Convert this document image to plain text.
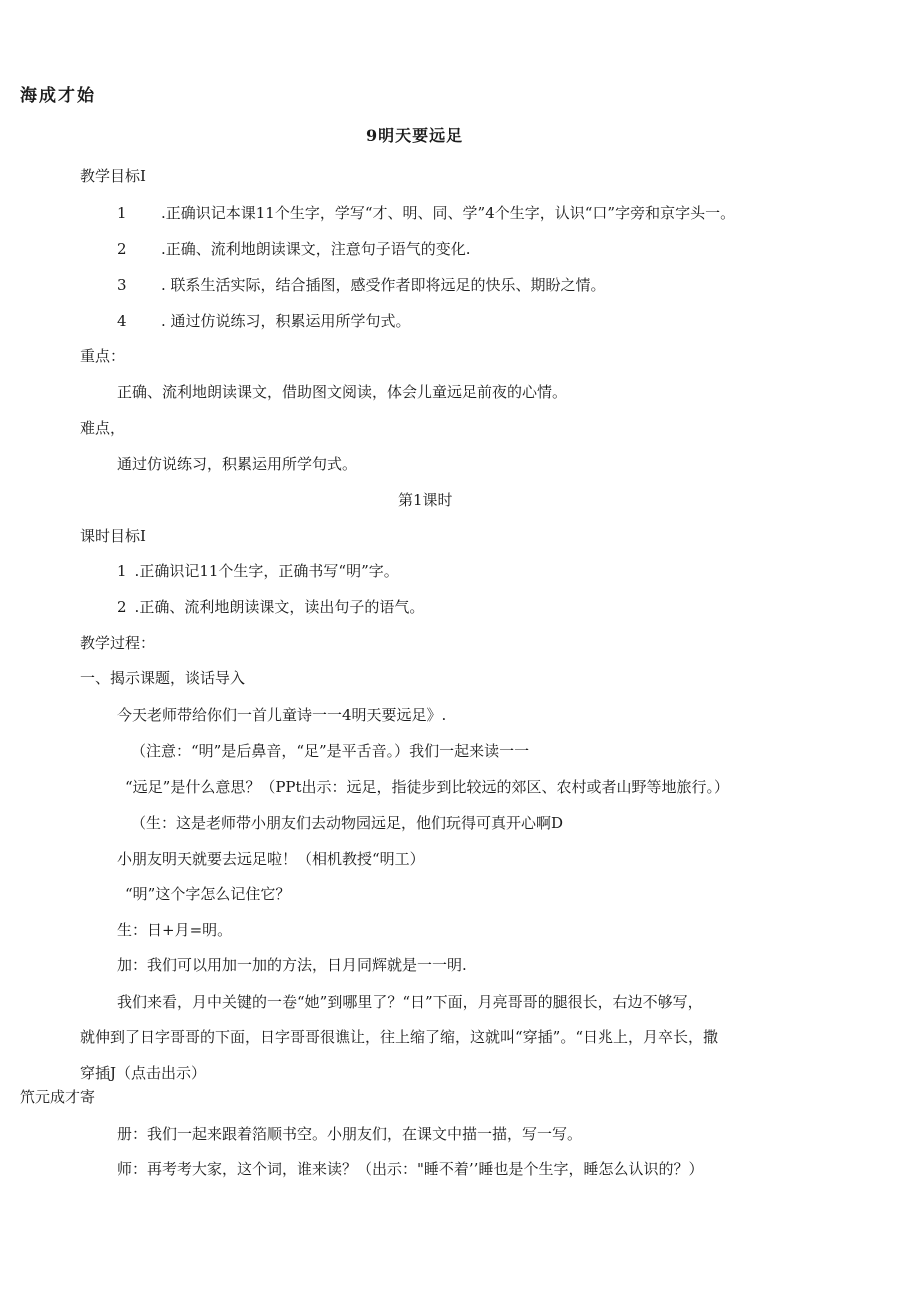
海成才始
9明天要远足
教学目标I
1 .正确识记本课11个生字，学写“才、明、同、学”4个生字，认识“口”字旁和京字头一。
2 .正确、流利地朗读课文，注意句子语气的变化.
3 . 联系生活实际，结合插图，感受作者即将远足的快乐、期盼之情。
4 . 通过仿说练习，积累运用所学句式。
重点：
正确、流利地朗读课文，借助图文阅读，体会儿童远足前夜的心情。
难点，
通过仿说练习，积累运用所学句式。
第1课时
课时目标I
1 .正确识记11个生字，正确书写“明”字。
2 .正确、流利地朗读课文，读出句子的语气。
教学过程：
一、揭示课题，谈话导入
今天老师带给你们一首儿童诗一一4明天要远足》.
（注意：“明”是后鼻音，“足”是平舌音。）我们一起来读一一
“远足”是什么意思？（PPt出示：远足，指徒步到比较远的郊区、农村或者山野等地旅行。）
（生：这是老师带小朋友们去动物园远足，他们玩得可真开心啊D
小朋友明天就要去远足啦！（相机教授“明工）
“明”这个字怎么记住它？
生：日+月=明。
加：我们可以用加一加的方法，日月同辉就是一一明.
我们来看，月中关键的一卷“她”到哪里了？“日”下面，月亮哥哥的腿很长，右边不够写，
就伸到了日字哥哥的下面，日字哥哥很谯让，往上缩了缩，这就叫“穿插”。“日兆上，月卒长，撒
穿插J（点击出示）
笊元成才寄
册：我们一起来跟着箔顺书空。小朋友们，在课文中描一描，写一写。
师：再考考大家，这个词，谁来读？（出示："睡不着’’睡也是个生字，睡怎么认识的？）
